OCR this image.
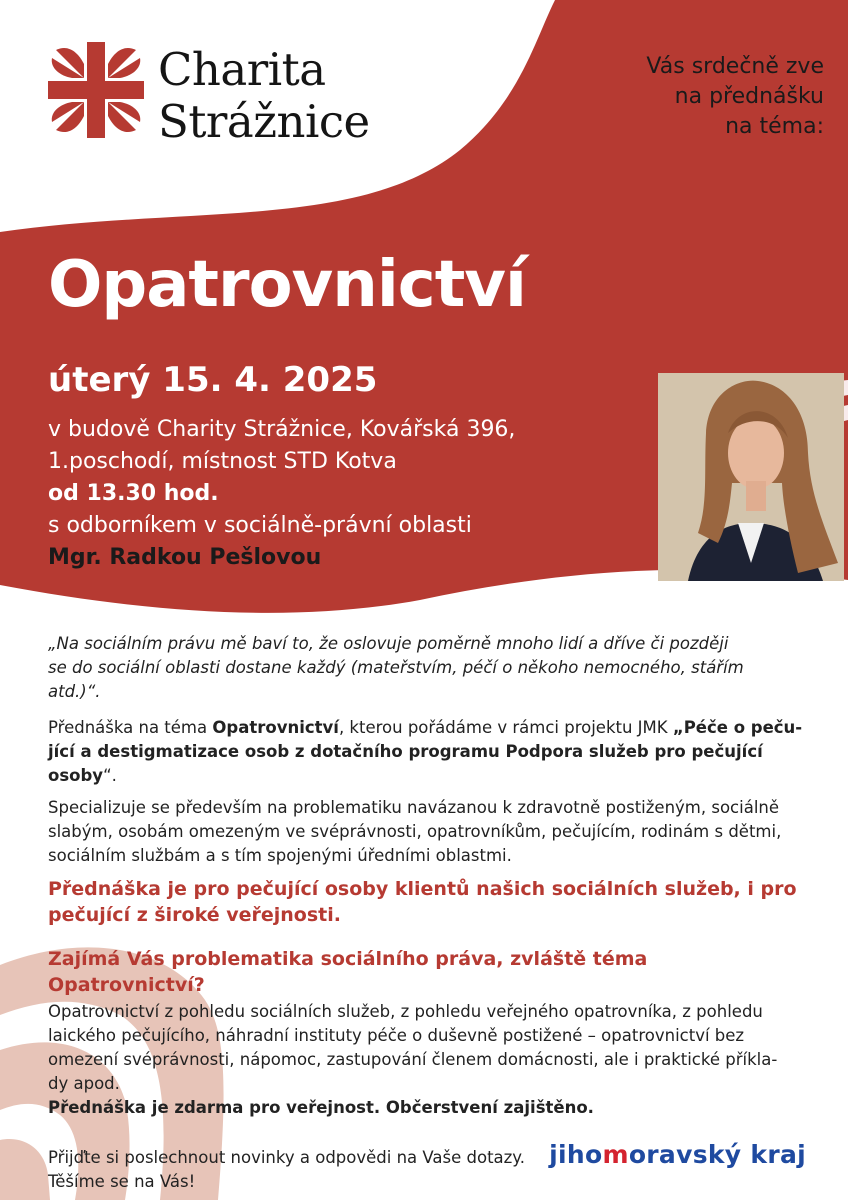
Charita
Strážnice
Vás srdečně zve
na přednášku
na téma:
Opatrovnictví
úterý 15. 4. 2025
v budově Charity Strážnice, Kovářská 396,
1.poschodí, místnost STD Kotva
od 13.30 hod.
s odborníkem v sociálně-právní oblasti
Mgr. Radkou Pešlovou
„Na sociálním právu mě baví to, že oslovuje poměrně mnoho lidí a dříve či později
se do sociální oblasti dostane každý (mateřstvím, péčí o někoho nemocného, stářím
atd.)“.
Přednáška na téma Opatrovnictví, kterou pořádáme v rámci projektu JMK „Péče o peču-
jící a destigmatizace osob z dotačního programu Podpora služeb pro pečující osoby“.
Specializuje se především na problematiku navázanou k zdravotně postiženým, sociálně
slabým, osobám omezeným ve svéprávnosti, opatrovníkům, pečujícím, rodinám s dětmi,
sociálním službám a s tím spojenými úředními oblastmi.
Přednáška je pro pečující osoby klientů našich sociálních služeb, i pro
pečující z široké veřejnosti.
Zajímá Vás problematika sociálního práva, zvláště téma Opatrovnictví?
Opatrovnictví z pohledu sociálních služeb, z pohledu veřejného opatrovníka, z pohledu
laického pečujícího, náhradní instituty péče o duševně postižené – opatrovnictví bez
omezení svéprávnosti, nápomoc, zastupování členem domácnosti, ale i praktické příkla-
dy apod.
Přednáška je zdarma pro veřejnost. Občerstvení zajištěno.
Přijďte si poslechnout novinky a odpovědi na Vaše dotazy.
Těšíme se na Vás!
jihomoravský kraj
